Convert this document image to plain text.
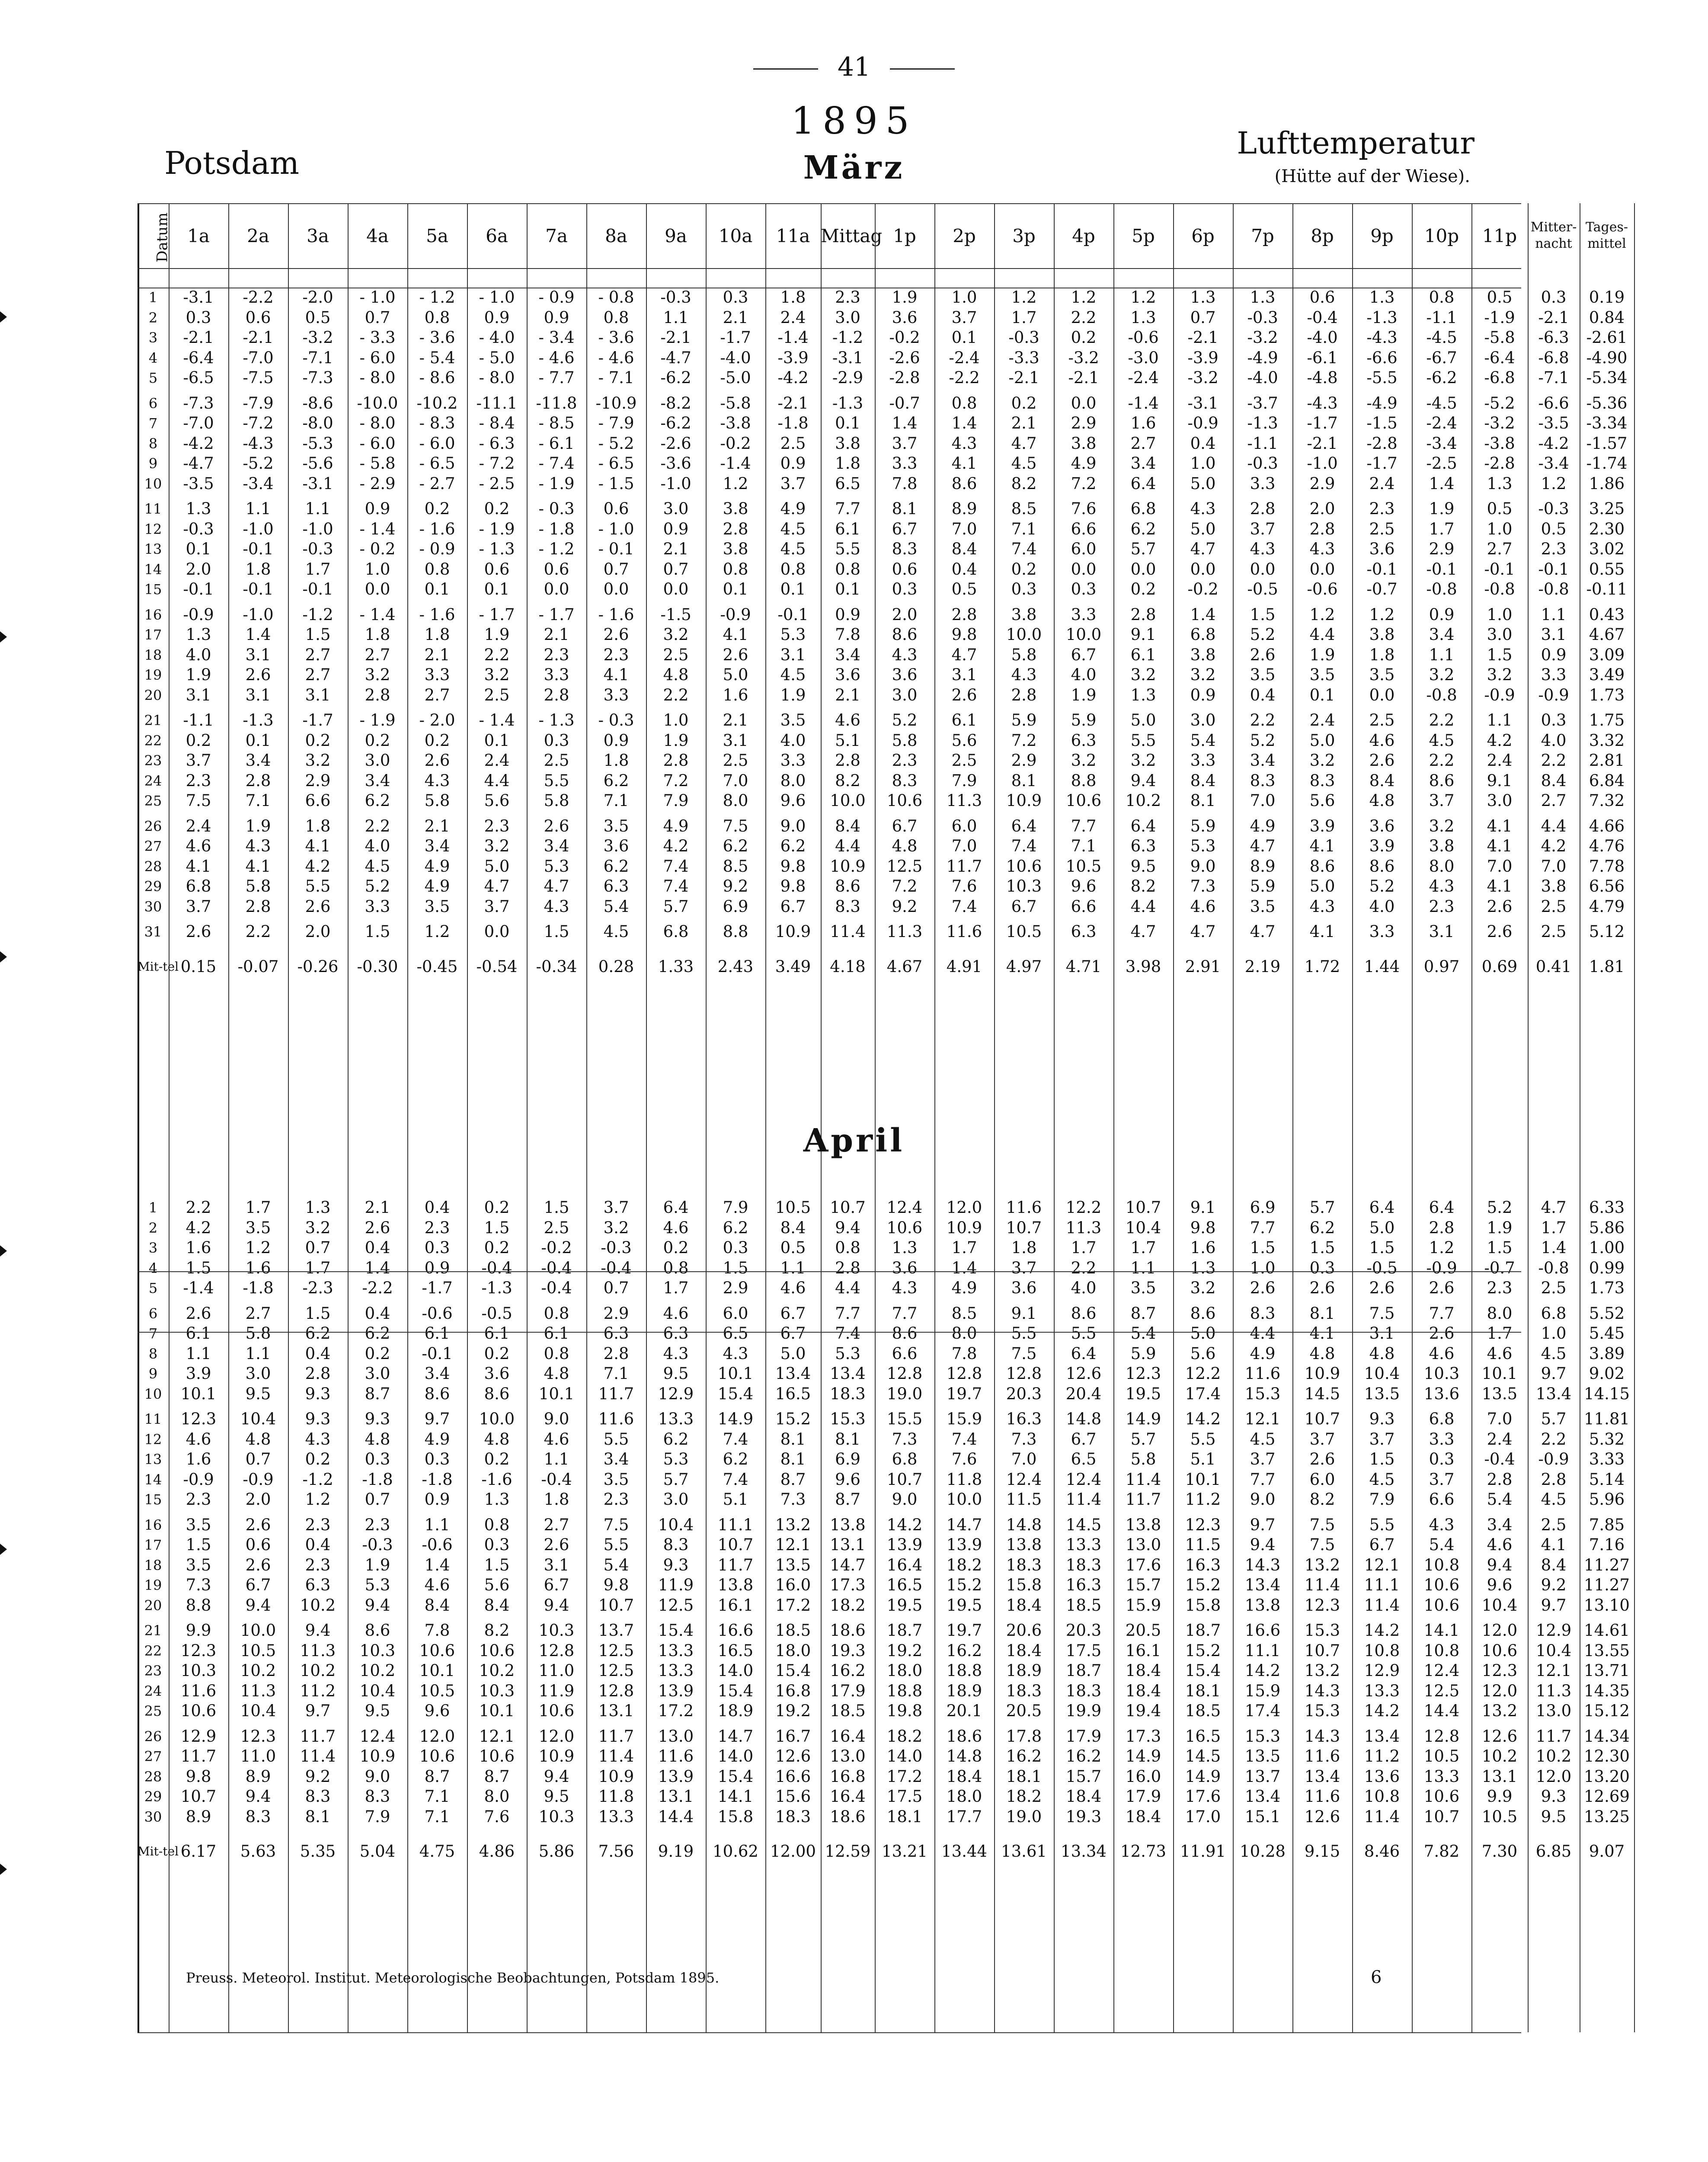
41
1895
Potsdam	März
Lufttemperatur
(Hütte auf der Wiese).
Datum	1a	2a	3a	4a	5a	6a	7a	8a	9a	10a	11a	Mittag	1p	2p	3p	4p	5p	6p	7p	8p	9p	10p	11p	Mitter-nacht	Tages-mittel
1	-3.1	-2.2	-2.0	- 1.0	- 1.2	- 1.0	- 0.9	- 0.8	-0.3	0.3	1.8	2.3	1.9	1.0	1.2	1.2	1.2	1.3	1.3	0.6	1.3	0.8	0.5	0.3	0.19
2	0.3	0.6	0.5	0.7	0.8	0.9	0.9	0.8	1.1	2.1	2.4	3.0	3.6	3.7	1.7	2.2	1.3	0.7	-0.3	-0.4	-1.3	-1.1	-1.9	-2.1	0.84
3	-2.1	-2.1	-3.2	- 3.3	- 3.6	- 4.0	- 3.4	- 3.6	-2.1	-1.7	-1.4	-1.2	-0.2	0.1	-0.3	0.2	-0.6	-2.1	-3.2	-4.0	-4.3	-4.5	-5.8	-6.3	-2.61
4	-6.4	-7.0	-7.1	- 6.0	- 5.4	- 5.0	- 4.6	- 4.6	-4.7	-4.0	-3.9	-3.1	-2.6	-2.4	-3.3	-3.2	-3.0	-3.9	-4.9	-6.1	-6.6	-6.7	-6.4	-6.8	-4.90
5	-6.5	-7.5	-7.3	- 8.0	- 8.6	- 8.0	- 7.7	- 7.1	-6.2	-5.0	-4.2	-2.9	-2.8	-2.2	-2.1	-2.1	-2.4	-3.2	-4.0	-4.8	-5.5	-6.2	-6.8	-7.1	-5.34

6	-7.3	-7.9	-8.6	-10.0	-10.2	-11.1	-11.8	-10.9	-8.2	-5.8	-2.1	-1.3	-0.7	0.8	0.2	0.0	-1.4	-3.1	-3.7	-4.3	-4.9	-4.5	-5.2	-6.6	-5.36
7	-7.0	-7.2	-8.0	- 8.0	- 8.3	- 8.4	- 8.5	- 7.9	-6.2	-3.8	-1.8	0.1	1.4	1.4	2.1	2.9	1.6	-0.9	-1.3	-1.7	-1.5	-2.4	-3.2	-3.5	-3.34
8	-4.2	-4.3	-5.3	- 6.0	- 6.0	- 6.3	- 6.1	- 5.2	-2.6	-0.2	2.5	3.8	3.7	4.3	4.7	3.8	2.7	0.4	-1.1	-2.1	-2.8	-3.4	-3.8	-4.2	-1.57
9	-4.7	-5.2	-5.6	- 5.8	- 6.5	- 7.2	- 7.4	- 6.5	-3.6	-1.4	0.9	1.8	3.3	4.1	4.5	4.9	3.4	1.0	-0.3	-1.0	-1.7	-2.5	-2.8	-3.4	-1.74
10	-3.5	-3.4	-3.1	- 2.9	- 2.7	- 2.5	- 1.9	- 1.5	-1.0	1.2	3.7	6.5	7.8	8.6	8.2	7.2	6.4	5.0	3.3	2.9	2.4	1.4	1.3	1.2	1.86

11	1.3	1.1	1.1	0.9	0.2	0.2	- 0.3	0.6	3.0	3.8	4.9	7.7	8.1	8.9	8.5	7.6	6.8	4.3	2.8	2.0	2.3	1.9	0.5	-0.3	3.25
12	-0.3	-1.0	-1.0	- 1.4	- 1.6	- 1.9	- 1.8	- 1.0	0.9	2.8	4.5	6.1	6.7	7.0	7.1	6.6	6.2	5.0	3.7	2.8	2.5	1.7	1.0	0.5	2.30
13	0.1	-0.1	-0.3	- 0.2	- 0.9	- 1.3	- 1.2	- 0.1	2.1	3.8	4.5	5.5	8.3	8.4	7.4	6.0	5.7	4.7	4.3	4.3	3.6	2.9	2.7	2.3	3.02
14	2.0	1.8	1.7	1.0	0.8	0.6	0.6	0.7	0.7	0.8	0.8	0.8	0.6	0.4	0.2	0.0	0.0	0.0	0.0	0.0	-0.1	-0.1	-0.1	-0.1	0.55
15	-0.1	-0.1	-0.1	0.0	0.1	0.1	0.0	0.0	0.0	0.1	0.1	0.1	0.3	0.5	0.3	0.3	0.2	-0.2	-0.5	-0.6	-0.7	-0.8	-0.8	-0.8	-0.11

16	-0.9	-1.0	-1.2	- 1.4	- 1.6	- 1.7	- 1.7	- 1.6	-1.5	-0.9	-0.1	0.9	2.0	2.8	3.8	3.3	2.8	1.4	1.5	1.2	1.2	0.9	1.0	1.1	0.43
17	1.3	1.4	1.5	1.8	1.8	1.9	2.1	2.6	3.2	4.1	5.3	7.8	8.6	9.8	10.0	10.0	9.1	6.8	5.2	4.4	3.8	3.4	3.0	3.1	4.67
18	4.0	3.1	2.7	2.7	2.1	2.2	2.3	2.3	2.5	2.6	3.1	3.4	4.3	4.7	5.8	6.7	6.1	3.8	2.6	1.9	1.8	1.1	1.5	0.9	3.09
19	1.9	2.6	2.7	3.2	3.3	3.2	3.3	4.1	4.8	5.0	4.5	3.6	3.6	3.1	4.3	4.0	3.2	3.2	3.5	3.5	3.5	3.2	3.2	3.3	3.49
20	3.1	3.1	3.1	2.8	2.7	2.5	2.8	3.3	2.2	1.6	1.9	2.1	3.0	2.6	2.8	1.9	1.3	0.9	0.4	0.1	0.0	-0.8	-0.9	-0.9	1.73

21	-1.1	-1.3	-1.7	- 1.9	- 2.0	- 1.4	- 1.3	- 0.3	1.0	2.1	3.5	4.6	5.2	6.1	5.9	5.9	5.0	3.0	2.2	2.4	2.5	2.2	1.1	0.3	1.75
22	0.2	0.1	0.2	0.2	0.2	0.1	0.3	0.9	1.9	3.1	4.0	5.1	5.8	5.6	7.2	6.3	5.5	5.4	5.2	5.0	4.6	4.5	4.2	4.0	3.32
23	3.7	3.4	3.2	3.0	2.6	2.4	2.5	1.8	2.8	2.5	3.3	2.8	2.3	2.5	2.9	3.2	3.2	3.3	3.4	3.2	2.6	2.2	2.4	2.2	2.81
24	2.3	2.8	2.9	3.4	4.3	4.4	5.5	6.2	7.2	7.0	8.0	8.2	8.3	7.9	8.1	8.8	9.4	8.4	8.3	8.3	8.4	8.6	9.1	8.4	6.84
25	7.5	7.1	6.6	6.2	5.8	5.6	5.8	7.1	7.9	8.0	9.6	10.0	10.6	11.3	10.9	10.6	10.2	8.1	7.0	5.6	4.8	3.7	3.0	2.7	7.32

26	2.4	1.9	1.8	2.2	2.1	2.3	2.6	3.5	4.9	7.5	9.0	8.4	6.7	6.0	6.4	7.7	6.4	5.9	4.9	3.9	3.6	3.2	4.1	4.4	4.66
27	4.6	4.3	4.1	4.0	3.4	3.2	3.4	3.6	4.2	6.2	6.2	4.4	4.8	7.0	7.4	7.1	6.3	5.3	4.7	4.1	3.9	3.8	4.1	4.2	4.76
28	4.1	4.1	4.2	4.5	4.9	5.0	5.3	6.2	7.4	8.5	9.8	10.9	12.5	11.7	10.6	10.5	9.5	9.0	8.9	8.6	8.6	8.0	7.0	7.0	7.78
29	6.8	5.8	5.5	5.2	4.9	4.7	4.7	6.3	7.4	9.2	9.8	8.6	7.2	7.6	10.3	9.6	8.2	7.3	5.9	5.0	5.2	4.3	4.1	3.8	6.56
30	3.7	2.8	2.6	3.3	3.5	3.7	4.3	5.4	5.7	6.9	6.7	8.3	9.2	7.4	6.7	6.6	4.4	4.6	3.5	4.3	4.0	2.3	2.6	2.5	4.79

31	2.6	2.2	2.0	1.5	1.2	0.0	1.5	4.5	6.8	8.8	10.9	11.4	11.3	11.6	10.5	6.3	4.7	4.7	4.7	4.1	3.3	3.1	2.6	2.5	5.12

Mit-tel	0.15	-0.07	-0.26	-0.30	-0.45	-0.54	-0.34	0.28	1.33	2.43	3.49	4.18	4.67	4.91	4.97	4.71	3.98	2.91	2.19	1.72	1.44	0.97	0.69	0.41	1.81
1	2.2	1.7	1.3	2.1	0.4	0.2	1.5	3.7	6.4	7.9	10.5	10.7	12.4	12.0	11.6	12.2	10.7	9.1	6.9	5.7	6.4	6.4	5.2	4.7	6.33
2	4.2	3.5	3.2	2.6	2.3	1.5	2.5	3.2	4.6	6.2	8.4	9.4	10.6	10.9	10.7	11.3	10.4	9.8	7.7	6.2	5.0	2.8	1.9	1.7	5.86
3	1.6	1.2	0.7	0.4	0.3	0.2	-0.2	-0.3	0.2	0.3	0.5	0.8	1.3	1.7	1.8	1.7	1.7	1.6	1.5	1.5	1.5	1.2	1.5	1.4	1.00
4	1.5	1.6	1.7	1.4	0.9	-0.4	-0.4	-0.4	0.8	1.5	1.1	2.8	3.6	1.4	3.7	2.2	1.1	1.3	1.0	0.3	-0.5	-0.9	-0.7	-0.8	0.99
5	-1.4	-1.8	-2.3	-2.2	-1.7	-1.3	-0.4	0.7	1.7	2.9	4.6	4.4	4.3	4.9	3.6	4.0	3.5	3.2	2.6	2.6	2.6	2.6	2.3	2.5	1.73

6	2.6	2.7	1.5	0.4	-0.6	-0.5	0.8	2.9	4.6	6.0	6.7	7.7	7.7	8.5	9.1	8.6	8.7	8.6	8.3	8.1	7.5	7.7	8.0	6.8	5.52
7	6.1	5.8	6.2	6.2	6.1	6.1	6.1	6.3	6.3	6.5	6.7	7.4	8.6	8.0	5.5	5.5	5.4	5.0	4.4	4.1	3.1	2.6	1.7	1.0	5.45
8	1.1	1.1	0.4	0.2	-0.1	0.2	0.8	2.8	4.3	4.3	5.0	5.3	6.6	7.8	7.5	6.4	5.9	5.6	4.9	4.8	4.8	4.6	4.6	4.5	3.89
9	3.9	3.0	2.8	3.0	3.4	3.6	4.8	7.1	9.5	10.1	13.4	13.4	12.8	12.8	12.8	12.6	12.3	12.2	11.6	10.9	10.4	10.3	10.1	9.7	9.02
10	10.1	9.5	9.3	8.7	8.6	8.6	10.1	11.7	12.9	15.4	16.5	18.3	19.0	19.7	20.3	20.4	19.5	17.4	15.3	14.5	13.5	13.6	13.5	13.4	14.15

11	12.3	10.4	9.3	9.3	9.7	10.0	9.0	11.6	13.3	14.9	15.2	15.3	15.5	15.9	16.3	14.8	14.9	14.2	12.1	10.7	9.3	6.8	7.0	5.7	11.81
12	4.6	4.8	4.3	4.8	4.9	4.8	4.6	5.5	6.2	7.4	8.1	8.1	7.3	7.4	7.3	6.7	5.7	5.5	4.5	3.7	3.7	3.3	2.4	2.2	5.32
13	1.6	0.7	0.2	0.3	0.3	0.2	1.1	3.4	5.3	6.2	8.1	6.9	6.8	7.6	7.0	6.5	5.8	5.1	3.7	2.6	1.5	0.3	-0.4	-0.9	3.33
14	-0.9	-0.9	-1.2	-1.8	-1.8	-1.6	-0.4	3.5	5.7	7.4	8.7	9.6	10.7	11.8	12.4	12.4	11.4	10.1	7.7	6.0	4.5	3.7	2.8	2.8	5.14
15	2.3	2.0	1.2	0.7	0.9	1.3	1.8	2.3	3.0	5.1	7.3	8.7	9.0	10.0	11.5	11.4	11.7	11.2	9.0	8.2	7.9	6.6	5.4	4.5	5.96

16	3.5	2.6	2.3	2.3	1.1	0.8	2.7	7.5	10.4	11.1	13.2	13.8	14.2	14.7	14.8	14.5	13.8	12.3	9.7	7.5	5.5	4.3	3.4	2.5	7.85
17	1.5	0.6	0.4	-0.3	-0.6	0.3	2.6	5.5	8.3	10.7	12.1	13.1	13.9	13.9	13.8	13.3	13.0	11.5	9.4	7.5	6.7	5.4	4.6	4.1	7.16
18	3.5	2.6	2.3	1.9	1.4	1.5	3.1	5.4	9.3	11.7	13.5	14.7	16.4	18.2	18.3	18.3	17.6	16.3	14.3	13.2	12.1	10.8	9.4	8.4	11.27
19	7.3	6.7	6.3	5.3	4.6	5.6	6.7	9.8	11.9	13.8	16.0	17.3	16.5	15.2	15.8	16.3	15.7	15.2	13.4	11.4	11.1	10.6	9.6	9.2	11.27
20	8.8	9.4	10.2	9.4	8.4	8.4	9.4	10.7	12.5	16.1	17.2	18.2	19.5	19.5	18.4	18.5	15.9	15.8	13.8	12.3	11.4	10.6	10.4	9.7	13.10

21	9.9	10.0	9.4	8.6	7.8	8.2	10.3	13.7	15.4	16.6	18.5	18.6	18.7	19.7	20.6	20.3	20.5	18.7	16.6	15.3	14.2	14.1	12.0	12.9	14.61
22	12.3	10.5	11.3	10.3	10.6	10.6	12.8	12.5	13.3	16.5	18.0	19.3	19.2	16.2	18.4	17.5	16.1	15.2	11.1	10.7	10.8	10.8	10.6	10.4	13.55
23	10.3	10.2	10.2	10.2	10.1	10.2	11.0	12.5	13.3	14.0	15.4	16.2	18.0	18.8	18.9	18.7	18.4	15.4	14.2	13.2	12.9	12.4	12.3	12.1	13.71
24	11.6	11.3	11.2	10.4	10.5	10.3	11.9	12.8	13.9	15.4	16.8	17.9	18.8	18.9	18.3	18.3	18.4	18.1	15.9	14.3	13.3	12.5	12.0	11.3	14.35
25	10.6	10.4	9.7	9.5	9.6	10.1	10.6	13.1	17.2	18.9	19.2	18.5	19.8	20.1	20.5	19.9	19.4	18.5	17.4	15.3	14.2	14.4	13.2	13.0	15.12

26	12.9	12.3	11.7	12.4	12.0	12.1	12.0	11.7	13.0	14.7	16.7	16.4	18.2	18.6	17.8	17.9	17.3	16.5	15.3	14.3	13.4	12.8	12.6	11.7	14.34
27	11.7	11.0	11.4	10.9	10.6	10.6	10.9	11.4	11.6	14.0	12.6	13.0	14.0	14.8	16.2	16.2	14.9	14.5	13.5	11.6	11.2	10.5	10.2	10.2	12.30
28	9.8	8.9	9.2	9.0	8.7	8.7	9.4	10.9	13.9	15.4	16.6	16.8	17.2	18.4	18.1	15.7	16.0	14.9	13.7	13.4	13.6	13.3	13.1	12.0	13.20
29	10.7	9.4	8.3	8.3	7.1	8.0	9.5	11.8	13.1	14.1	15.6	16.4	17.5	18.0	18.2	18.4	17.9	17.6	13.4	11.6	10.8	10.6	9.9	9.3	12.69
30	8.9	8.3	8.1	7.9	7.1	7.6	10.3	13.3	14.4	15.8	18.3	18.6	18.1	17.7	19.0	19.3	18.4	17.0	15.1	12.6	11.4	10.7	10.5	9.5	13.25

Mit-tel	6.17	5.63	5.35	5.04	4.75	4.86	5.86	7.56	9.19	10.62	12.00	12.59	13.21	13.44	13.61	13.34	12.73	11.91	10.28	9.15	8.46	7.82	7.30	6.85	9.07
April
Preuss. Meteorol. Institut. Meteorologische Beobachtungen, Potsdam 1895.	6
